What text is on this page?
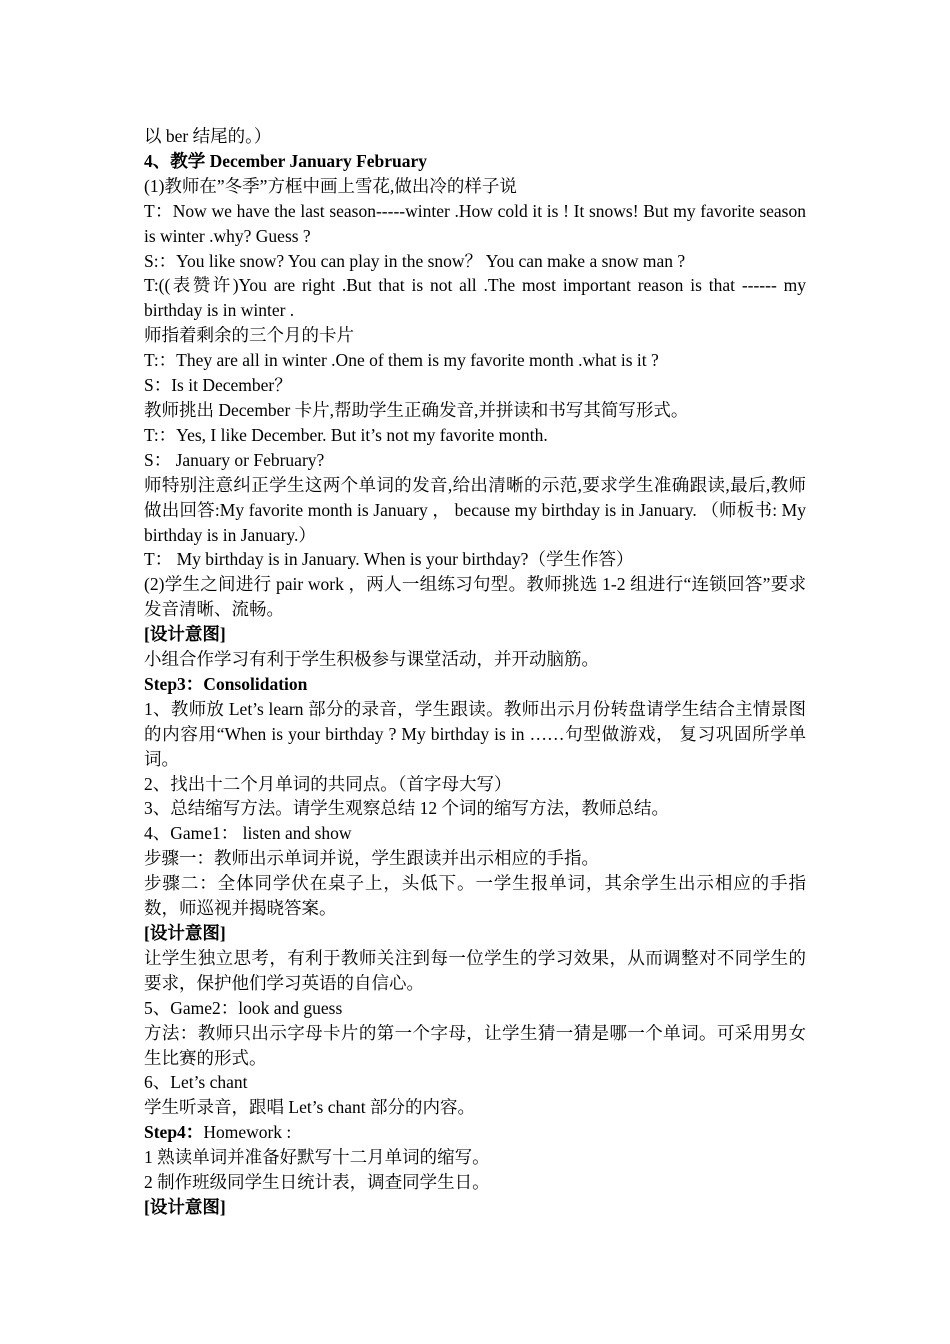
以 ber 结尾的。）

4、教学 December January February

(1)教师在”冬季”方框中画上雪花,做出冷的样子说

T：Now we have the last season-----winter .How cold it is ! It snows! But my favorite season is winter .why? Guess ?

S:：You like snow? You can play in the snow？ You can make a snow man ?

T:((表赞许)You are right .But that is not all .The most important reason is that ------ my birthday is in winter .

师指着剩余的三个月的卡片

T:：They are all in winter .One of them is my favorite month .what is it ?

S：Is it December？

教师挑出 December 卡片,帮助学生正确发音,并拼读和书写其简写形式。

T:：Yes, I like December. But it’s not my favorite month.

S： January or February?

师特别注意纠正学生这两个单词的发音,给出清晰的示范,要求学生准确跟读,最后,教师做出回答:My favorite month is January ， because my birthday is in January. （师板书: My birthday is in January.）

T： My birthday is in January. When is your birthday?（学生作答）

(2)学生之间进行 pair work ，两人一组练习句型。教师挑选 1-2 组进行“连锁回答”要求发音清晰、流畅。

[设计意图]

小组合作学习有利于学生积极参与课堂活动，并开动脑筋。

Step3：Consolidation

1、教师放 Let’s learn 部分的录音，学生跟读。教师出示月份转盘请学生结合主情景图的内容用“When is your birthday ? My birthday is in ……句型做游戏， 复习巩固所学单词。

2、找出十二个月单词的共同点。（首字母大写）

3、总结缩写方法。请学生观察总结 12 个词的缩写方法，教师总结。

4、Game1： listen and show

步骤一：教师出示单词并说，学生跟读并出示相应的手指。

步骤二：全体同学伏在桌子上，头低下。一学生报单词，其余学生出示相应的手指数，师巡视并揭晓答案。

[设计意图]

让学生独立思考，有利于教师关注到每一位学生的学习效果，从而调整对不同学生的要求，保护他们学习英语的自信心。

5、Game2：look and guess

方法：教师只出示字母卡片的第一个字母，让学生猜一猜是哪一个单词。可采用男女生比赛的形式。

6、Let’s chant

学生听录音，跟唱 Let’s chant 部分的内容。

Step4：Homework :

1 熟读单词并准备好默写十二月单词的缩写。

2 制作班级同学生日统计表，调查同学生日。

[设计意图]
